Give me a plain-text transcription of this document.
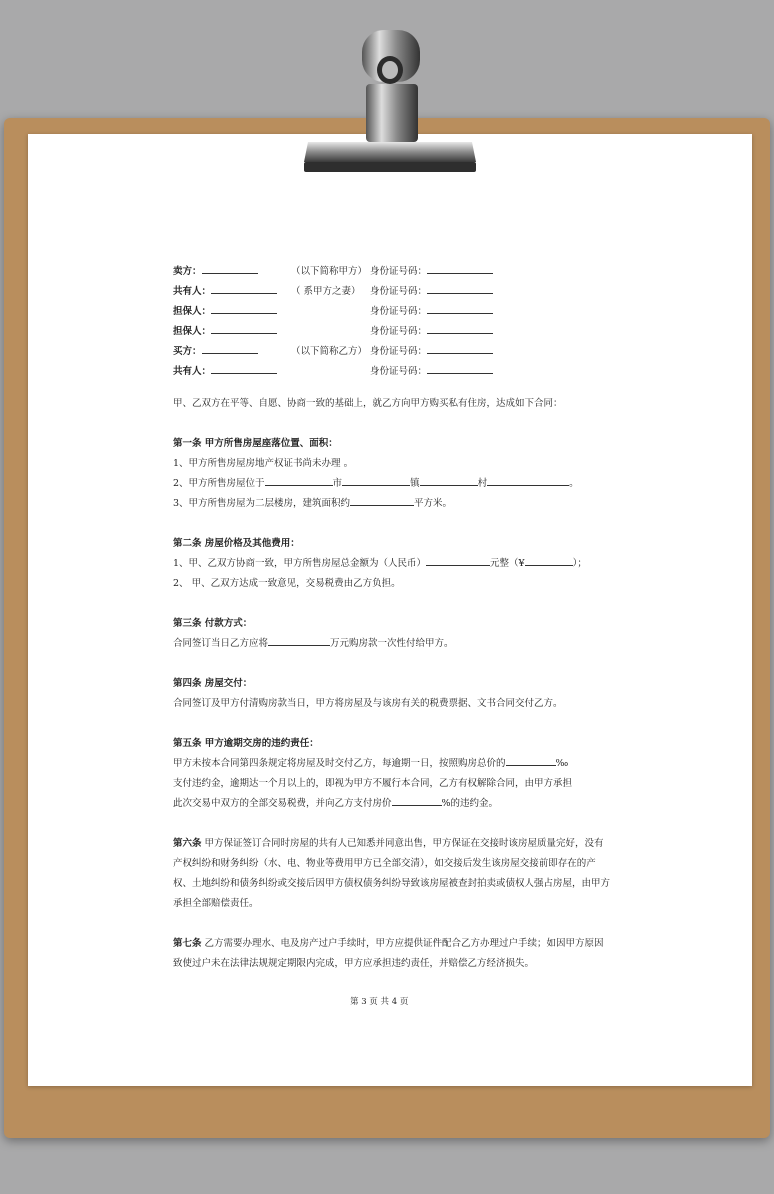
卖方：	（以下简称甲方） 身份证号码：
共有人：	（ 系甲方之妻） 身份证号码：
担保人：	身份证号码：
担保人：	身份证号码：
买方：	（以下简称乙方） 身份证号码：
共有人：	身份证号码：

甲、乙双方在平等、自愿、协商一致的基础上，就乙方向甲方购买私有住房，达成如下合同：

第一条 甲方所售房屋座落位置、面积：

1、甲方所售房屋房地产权证书尚未办理 。

2、甲方所售房屋位于	市	镇	村	。

3、甲方所售房屋为二层楼房，建筑面积约	平方米。

第二条 房屋价格及其他费用：

1、甲、乙双方协商一致，甲方所售房屋总金额为（人民币）	元整（¥	）；

2、 甲、乙双方达成一致意见，交易税费由乙方负担。

第三条 付款方式：

合同签订当日乙方应将	万元购房款一次性付给甲方。

第四条 房屋交付：

合同签订及甲方付清购房款当日，甲方将房屋及与该房有关的税费票据、文书合同交付乙方。

第五条 甲方逾期交房的违约责任：

甲方未按本合同第四条规定将房屋及时交付乙方，每逾期一日，按照购房总价的	‰

支付违约金，逾期达一个月以上的，即视为甲方不履行本合同，乙方有权解除合同，由甲方承担

此次交易中双方的全部交易税费，并向乙方支付房价	%的违约金。

第六条 甲方保证签订合同时房屋的共有人已知悉并同意出售，甲方保证在交接时该房屋质量完好，没有产权纠纷和财务纠纷（水、电、物业等费用甲方已全部交清），如交接后发生该房屋交接前即存在的产权、土地纠纷和债务纠纷或交接后因甲方债权债务纠纷导致该房屋被查封拍卖或债权人强占房屋，由甲方承担全部赔偿责任。

第七条 乙方需要办理水、电及房产过户手续时，甲方应提供证件配合乙方办理过户手续；如因甲方原因致使过户未在法律法规规定期限内完成，甲方应承担违约责任，并赔偿乙方经济损失。

第 3 页 共 4 页
